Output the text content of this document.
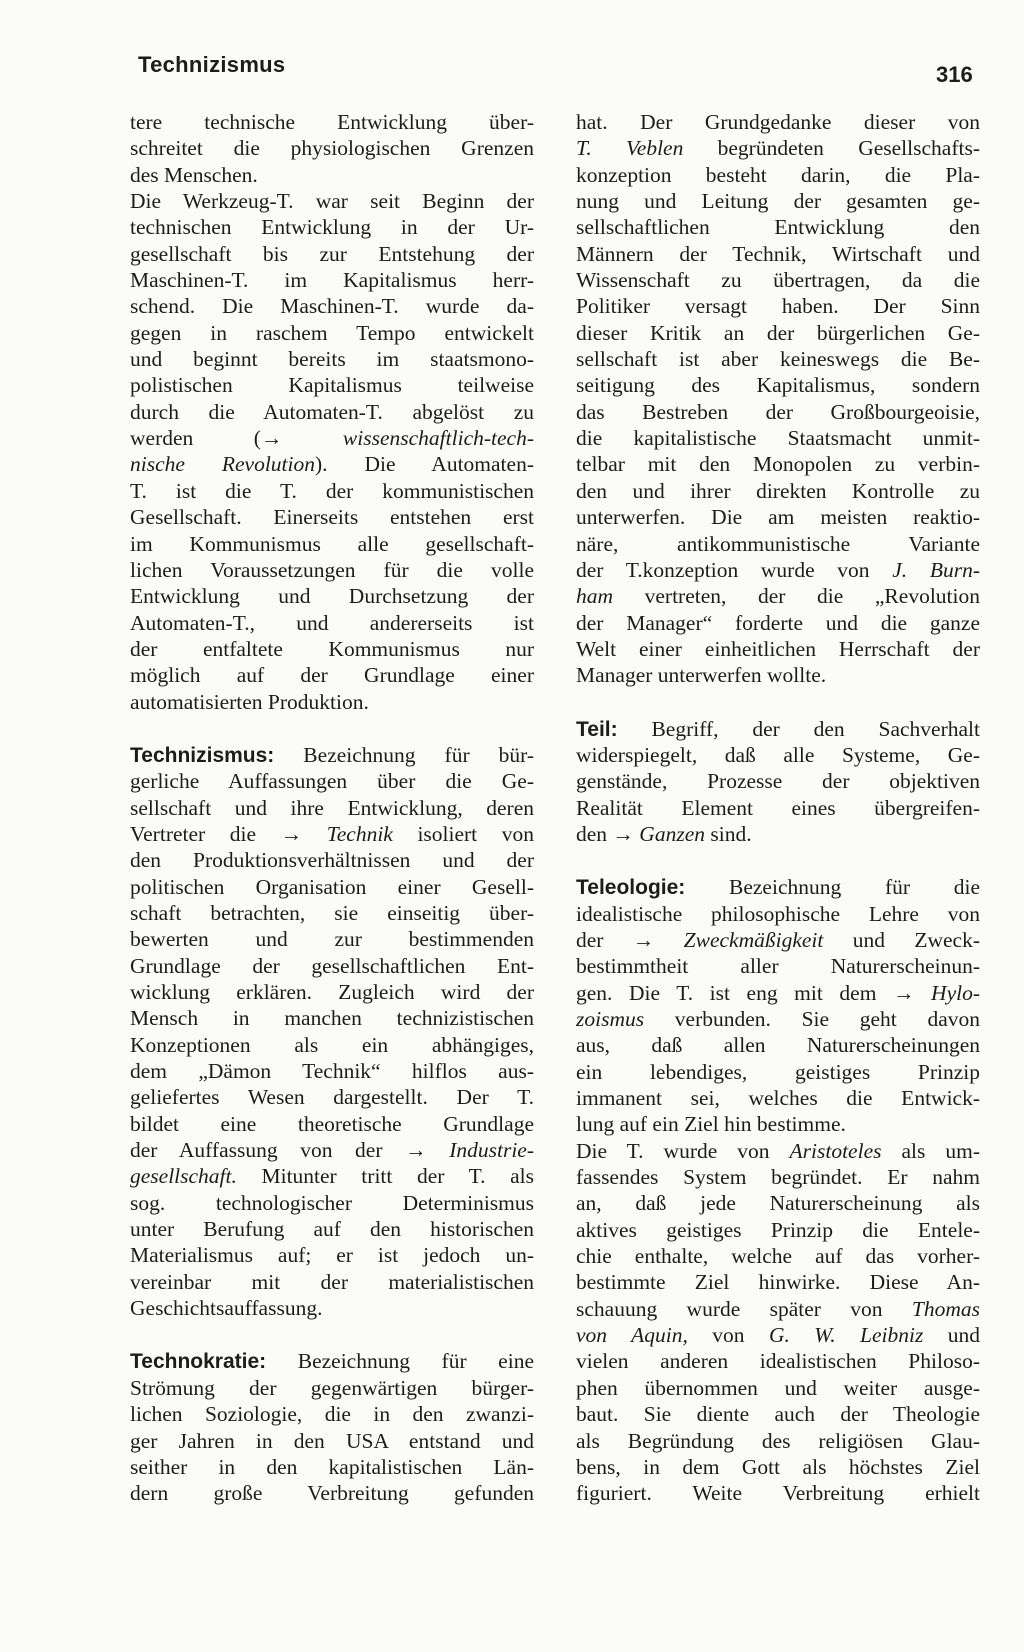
Technizismus	316
tere technische Entwicklung über-
schreitet die physiologischen Grenzen
des Menschen.
Die Werkzeug-T. war seit Beginn der
technischen Entwicklung in der Ur-
gesellschaft bis zur Entstehung der
Maschinen-T. im Kapitalismus herr-
schend. Die Maschinen-T. wurde da-
gegen in raschem Tempo entwickelt
und beginnt bereits im staatsmono-
polistischen Kapitalismus teilweise
durch die Automaten-T. abgelöst zu
werden (→ wissenschaftlich-tech-
nische Revolution). Die Automaten-
T. ist die T. der kommunistischen
Gesellschaft. Einerseits entstehen erst
im Kommunismus alle gesellschaft-
lichen Voraussetzungen für die volle
Entwicklung und Durchsetzung der
Automaten-T., und andererseits ist
der entfaltete Kommunismus nur
möglich auf der Grundlage einer
automatisierten Produktion.
Technizismus: Bezeichnung für bür-
gerliche Auffassungen über die Ge-
sellschaft und ihre Entwicklung, deren
Vertreter die → Technik isoliert von
den Produktionsverhältnissen und der
politischen Organisation einer Gesell-
schaft betrachten, sie einseitig über-
bewerten und zur bestimmenden
Grundlage der gesellschaftlichen Ent-
wicklung erklären. Zugleich wird der
Mensch in manchen technizistischen
Konzeptionen als ein abhängiges,
dem „Dämon Technik“ hilflos aus-
geliefertes Wesen dargestellt. Der T.
bildet eine theoretische Grundlage
der Auffassung von der → Industrie-
gesellschaft. Mitunter tritt der T. als
sog. technologischer Determinismus
unter Berufung auf den historischen
Materialismus auf; er ist jedoch un-
vereinbar mit der materialistischen
Geschichtsauffassung.
Technokratie: Bezeichnung für eine
Strömung der gegenwärtigen bürger-
lichen Soziologie, die in den zwanzi-
ger Jahren in den USA entstand und
seither in den kapitalistischen Län-
dern große Verbreitung gefunden
hat. Der Grundgedanke dieser von
T. Veblen begründeten Gesellschafts-
konzeption besteht darin, die Pla-
nung und Leitung der gesamten ge-
sellschaftlichen Entwicklung den
Männern der Technik, Wirtschaft und
Wissenschaft zu übertragen, da die
Politiker versagt haben. Der Sinn
dieser Kritik an der bürgerlichen Ge-
sellschaft ist aber keineswegs die Be-
seitigung des Kapitalismus, sondern
das Bestreben der Großbourgeoisie,
die kapitalistische Staatsmacht unmit-
telbar mit den Monopolen zu verbin-
den und ihrer direkten Kontrolle zu
unterwerfen. Die am meisten reaktio-
näre, antikommunistische Variante
der T.konzeption wurde von J. Burn-
ham vertreten, der die „Revolution
der Manager“ forderte und die ganze
Welt einer einheitlichen Herrschaft der
Manager unterwerfen wollte.
Teil: Begriff, der den Sachverhalt
widerspiegelt, daß alle Systeme, Ge-
genstände, Prozesse der objektiven
Realität Element eines übergreifen-
den → Ganzen sind.
Teleologie: Bezeichnung für die
idealistische philosophische Lehre von
der → Zweckmäßigkeit und Zweck-
bestimmtheit aller Naturerscheinun-
gen. Die T. ist eng mit dem → Hylo-
zoismus verbunden. Sie geht davon
aus, daß allen Naturerscheinungen
ein lebendiges, geistiges Prinzip
immanent sei, welches die Entwick-
lung auf ein Ziel hin bestimme.
Die T. wurde von Aristoteles als um-
fassendes System begründet. Er nahm
an, daß jede Naturerscheinung als
aktives geistiges Prinzip die Entele-
chie enthalte, welche auf das vorher-
bestimmte Ziel hinwirke. Diese An-
schauung wurde später von Thomas
von Aquin, von G. W. Leibniz und
vielen anderen idealistischen Philoso-
phen übernommen und weiter ausge-
baut. Sie diente auch der Theologie
als Begründung des religiösen Glau-
bens, in dem Gott als höchstes Ziel
figuriert. Weite Verbreitung erhielt
